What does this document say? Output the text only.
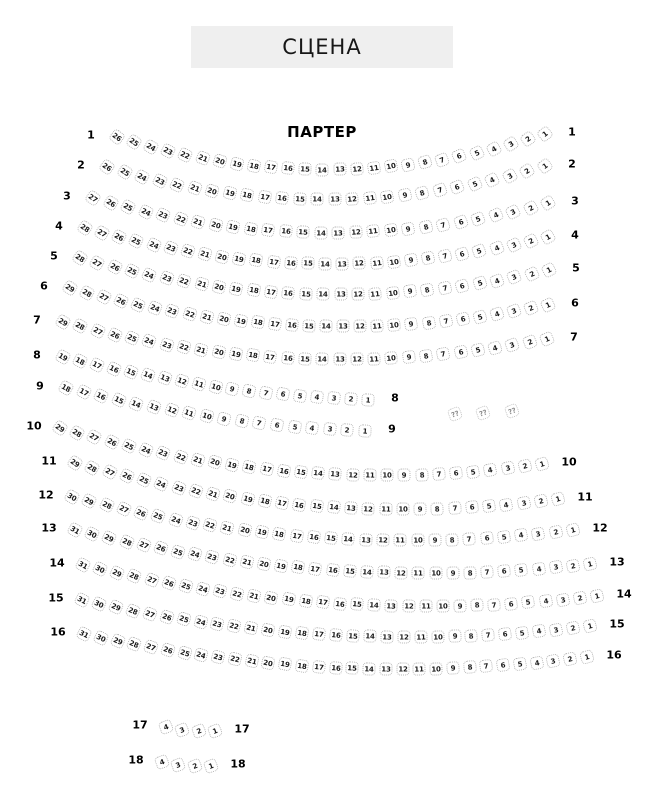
СЦЕНА
ПАРТЕР
1	1
26 25 24 23 22 21 20 19 18 17 16	15 14 13 12 11 10	9	8	7	6	5	4	3
2
1
2	2
26 25 24 23 22 21 20 19 18 17	16	15 14 13 12	11	10	9	8	7	6	5	4	3
2
1
3	3
27 26 25 24 23 22 21 20 19 18 17	16 15 14 13 12 11	10	9	8	7	6	5	4	3	2	1
4
4
28 27 26 25 24 23 22 21 20 19 18 17 16 15 14 13 12 11 10	9	8	7	6	5	4	3	2	1
5
5
28 27 26 25 24 23 22 21 20 19 18 17	16 15 14 13 12 11	10	9	8	7	6	5	4	3	2	1
6
6
29 28 27 26 25 24 23 22 21 20 19 18 17 16 15 14 13 12 11 10	9	8	7	6	5	4	3	2	1
7
7
29 28 27 26 25 24 23 22 21 20 19 18 17	16 15 14 13 12 11 10	9	8	7	6	5	4	3	2	1
8
8
19 18 17 16 15 14 13 12 11 10	9	8	7	6	5	4	3	2	1
9
9
18 17 16 15 14 13 12 11 10	9	8	7	6	5	4	3	2	1
10
10
29 28 27 26 25 24 23 22 21 20 19 18 17 16 15 14	13 12 11 10	9	8	7	6	5	4	3	2	1
11
11
29 28 27 26 25 24 23 22 21 20 19 18 17 16 15 14	13 12 11 10	9	8	7	6	5	4	3	2	1
12
12
30 29 28 27 26 25 24 23 22 21 20 19 18 17 16 15	14 13 12 11 10	9	8	7	6	5	4	3	2	1
13
13
31 30 29 28 27 26 25 24 23 22 21 20 19 18 17 16 15 14 13 12 11 10	9	8	7	6	5	4	3	2	1
14
14
31 30 29 28 27 26 25 24 23 22 21 20 19 18 17 16 15 14 13 12 11 10	9	8	7	6	5	4	3	2	1
15
15
31 30 29 28 27 26 25 24 23 22 21 20 19 18 17 16 15 14 13 12 11 10	9	8	7	6	5	4	3	2	1
16
16
31 30 29 28 27 26 25 24 23 22 21 20 19 18 17 16 15 14 13 12 11 10	9	8	7	6	5	4	3	2	1
17	17
4	3	2	1
18	18
4	3	2	1
??	??	??
